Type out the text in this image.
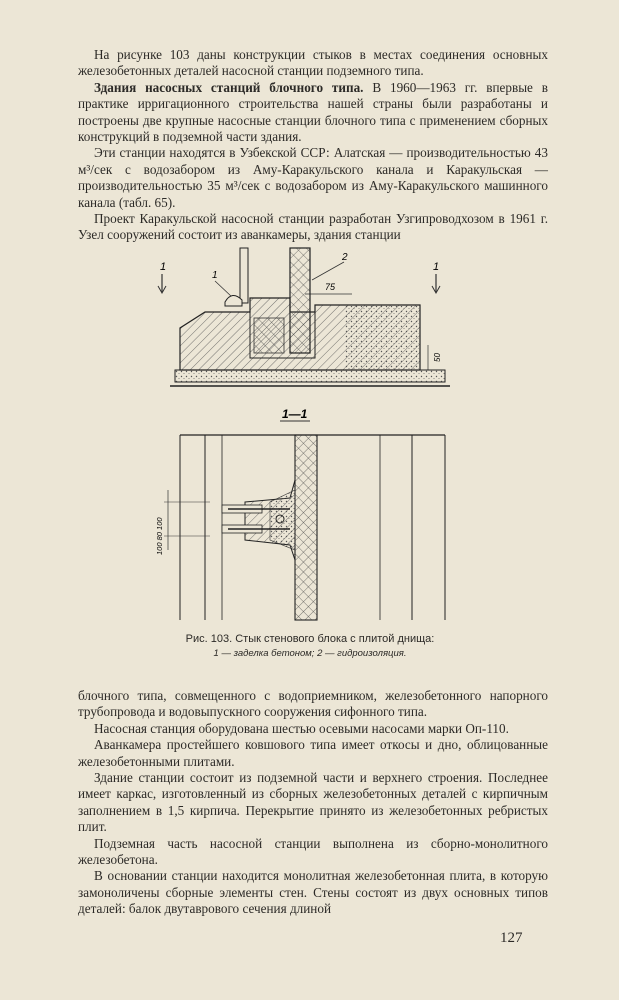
На рисунке 103 даны конструкции стыков в местах соединения основных железобетонных деталей насосной станции подземного типа.

Здания насосных станций блочного типа. В 1960—1963 гг. впервые в практике ирригационного строительства нашей страны были разработаны и построены две крупные насосные станции блочного типа с применением сборных конструкций в подземной части здания.

Эти станции находятся в Узбекской ССР: Алатская — производительностью 43 м³/сек с водозабором из Аму-Каракульского канала и Каракульская — производительностью 35 м³/сек с водозабором из Аму-Каракульского машинного канала (табл. 65).

Проект Каракульской насосной станции разработан Узгипроводхозом в 1961 г. Узел сооружений состоит из аванкамеры, здания станции

1	1
1
2
75
50
1—1
100 80 100
Рис. 103. Стык стенового блока с плитой днища:
1 — заделка бетоном; 2 — гидроизоляция.

блочного типа, совмещенного с водоприемником, железобетонного напорного трубопровода и водовыпускного сооружения сифонного типа.

Насосная станция оборудована шестью осевыми насосами марки Оп-110.

Аванкамера простейшего ковшового типа имеет откосы и дно, облицованные железобетонными плитами.

Здание станции состоит из подземной части и верхнего строения. Последнее имеет каркас, изготовленный из сборных железобетонных деталей с кирпичным заполнением в 1,5 кирпича. Перекрытие принято из железобетонных ребристых плит.

Подземная часть насосной станции выполнена из сборно-монолитного железобетона.

В основании станции находится монолитная железобетонная плита, в которую замоноличены сборные элементы стен. Стены состоят из двух основных типов деталей: балок двутаврового сечения длиной

127
